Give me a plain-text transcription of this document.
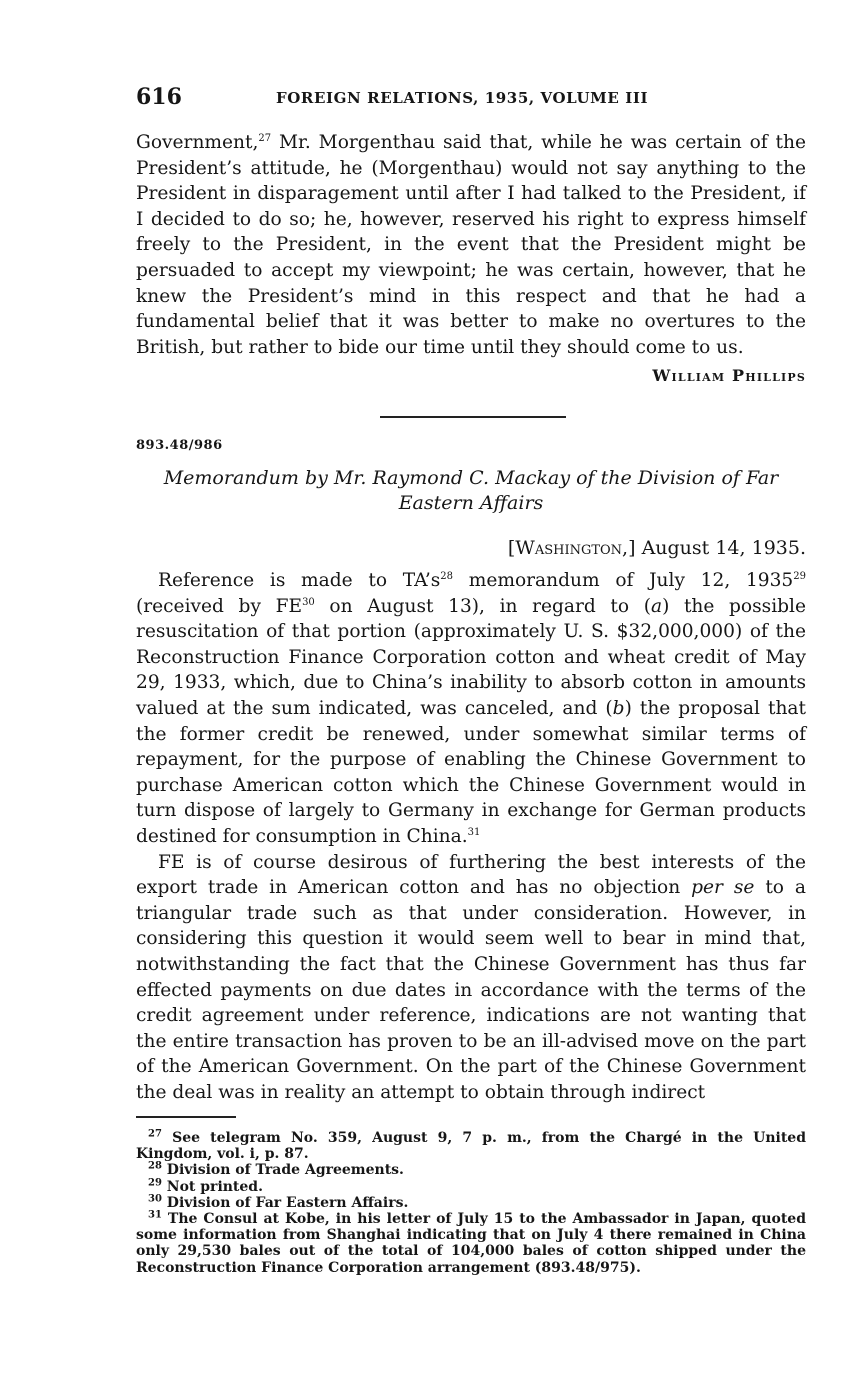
616	FOREIGN RELATIONS, 1935, VOLUME III

Government,$^{27}$ Mr. Morgenthau said that, while he was certain of the President’s attitude, he (Morgenthau) would not say anything to the President in disparagement until after I had talked to the President, if I decided to do so; he, however, reserved his right to express himself freely to the President, in the event that the President might be persuaded to accept my viewpoint; he was certain, however, that he knew the President’s mind in this respect and that he had a fundamental belief that it was better to make no overtures to the British, but rather to bide our time until they should come to us.

William Phillips
893.48/986
Memorandum by Mr. Raymond C. Mackay of the Division of Far Eastern Affairs
[Washington,] August 14, 1935.

Reference is made to $TA’s^{28}$ memorandum of July 12, 1935$^{29}$ (received by FE$^{30}$ on August 13), in regard to (a) the possible resuscitation of that portion (approximately U. S. $32,000,000) of the Reconstruction Finance Corporation cotton and wheat credit of May 29, 1933, which, due to China’s inability to absorb cotton in amounts valued at the sum indicated, was canceled, and (b) the proposal that the former credit be renewed, under somewhat similar terms of repayment, for the purpose of enabling the Chinese Government to purchase American cotton which the Chinese Government would in turn dispose of largely to Germany in exchange for German products destined for consumption in China.$^{31}$

FE is of course desirous of furthering the best interests of the export trade in American cotton and has no objection per se to a triangular trade such as that under consideration. However, in considering this question it would seem well to bear in mind that, notwithstanding the fact that the Chinese Government has thus far effected payments on due dates in accordance with the terms of the credit agreement under reference, indications are not wanting that the entire transaction has proven to be an ill-advised move on the part of the American Government. On the part of the Chinese Government the deal was in reality an attempt to obtain through indirect

$^{27}$ See telegram No. 359, August 9, 7 p. m., from the Chargé in the United Kingdom, vol. i, p. 87.

$^{28}$ Division of Trade Agreements.

$^{29}$ Not printed.

$^{30}$ Division of Far Eastern Affairs.

$^{31}$ The Consul at Kobe, in his letter of July 15 to the Ambassador in Japan, quoted some information from Shanghai indicating that on July 4 there remained in China only 29,530 bales out of the total of 104,000 bales of cotton shipped under the Reconstruction Finance Corporation arrangement (893.48/975).
